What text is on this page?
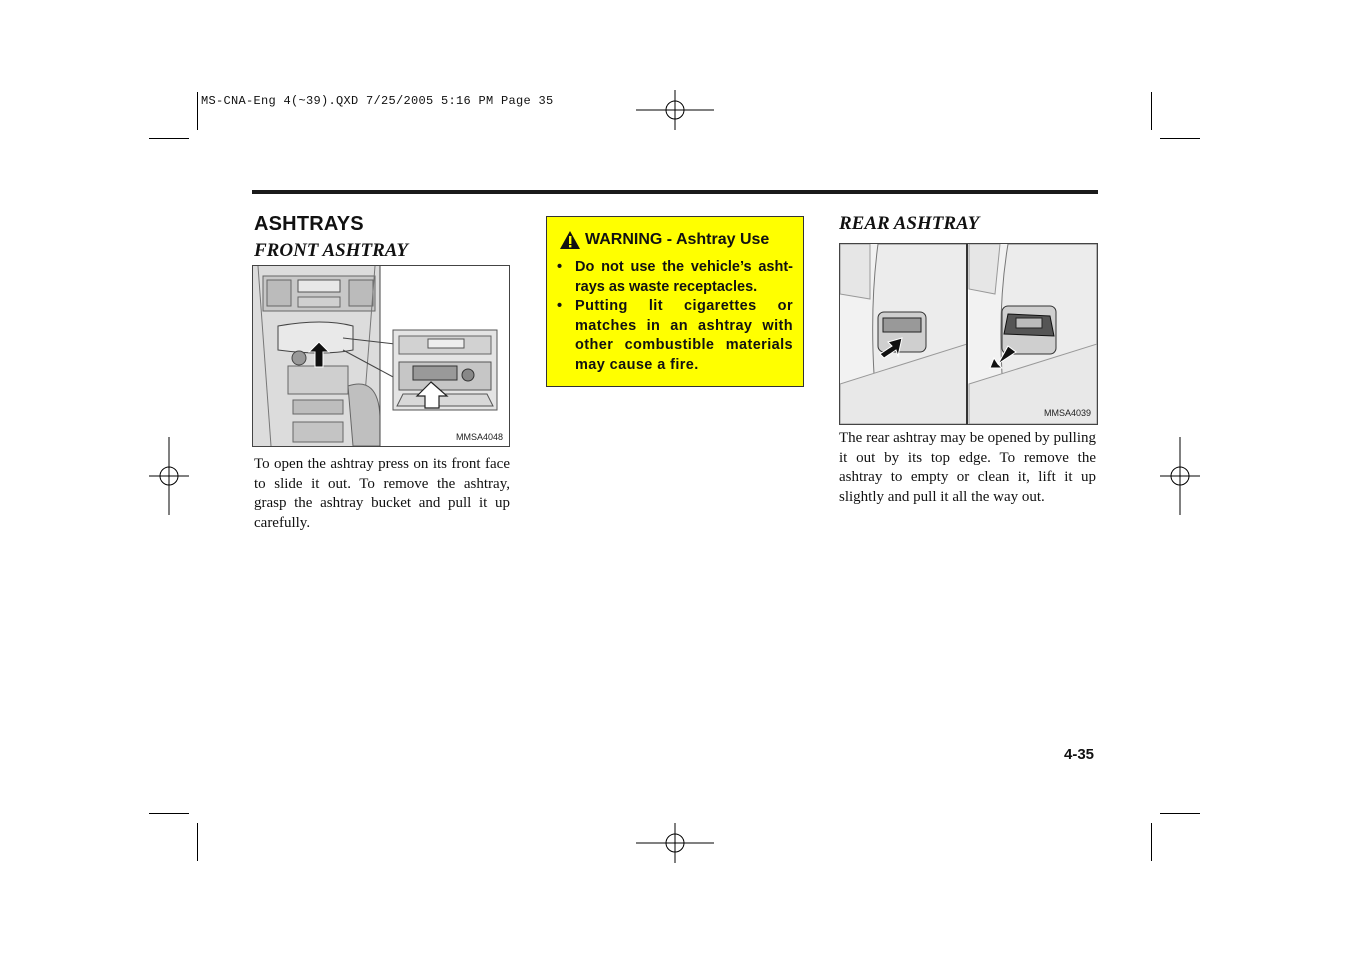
MS-CNA-Eng 4(~39).QXD 7/25/2005 5:16 PM Page 35
ASHTRAYS
FRONT ASHTRAY
MMSA4048
To open the ashtray press on its front face to slide it out. To remove the ashtray, grasp the ashtray bucket and pull it up carefully.
WARNING - Ashtray Use
• Do not use the vehicle’s asht-rays as waste receptacles.
• Putting lit cigarettes or matches in an ashtray with other combustible materials may cause a fire.
REAR ASHTRAY
MMSA4039
The rear ashtray may be opened by pulling it out by its top edge. To remove the ashtray to empty or clean it, lift it up slightly and pull it all the way out.
4-35
